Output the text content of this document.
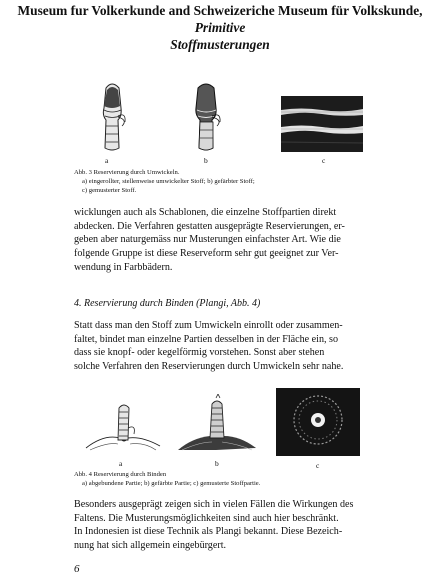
Museum fur Volkerkunde and Schweizeriche Museum für Volkskunde, Primitive
Stoffmusterungen
a	b	c
Abb. 3 Reservierung durch Umwickeln.
a) eingerollter, stellenweise umwickelter Stoff; b) gefärbter Stoff;
c) gemusterter Stoff.

wicklungen auch als Schablonen, die einzelne Stoffpartien direkt

abdecken. Die Verfahren gestatten ausgeprägte Reservierungen, er-

geben aber naturgemäss nur Musterungen einfachster Art. Wie die

folgende Gruppe ist diese Reserveform sehr gut geeignet zur Ver-

wendung in Farbbädern.

4. Reservierung durch Binden (Plangi, Abb. 4)

Statt dass man den Stoff zum Umwickeln einrollt oder zusammen-

faltet, bindet man einzelne Partien desselben in der Fläche ein, so

dass sie knopf- oder kegelförmig vorstehen. Sonst aber stehen

solche Verfahren den Reservierungen durch Umwickeln sehr nahe.

a	b	c
Abb. 4 Reservierung durch Binden
a) abgebundene Partie; b) gefärbte Partie; c) gemusterte Stoffpartie.

Besonders ausgeprägt zeigen sich in vielen Fällen die Wirkungen des

Faltens. Die Musterungsmöglichkeiten sind auch hier beschränkt.

In Indonesien ist diese Technik als Plangi bekannt. Diese Bezeich-

nung hat sich allgemein eingebürgert.

6
